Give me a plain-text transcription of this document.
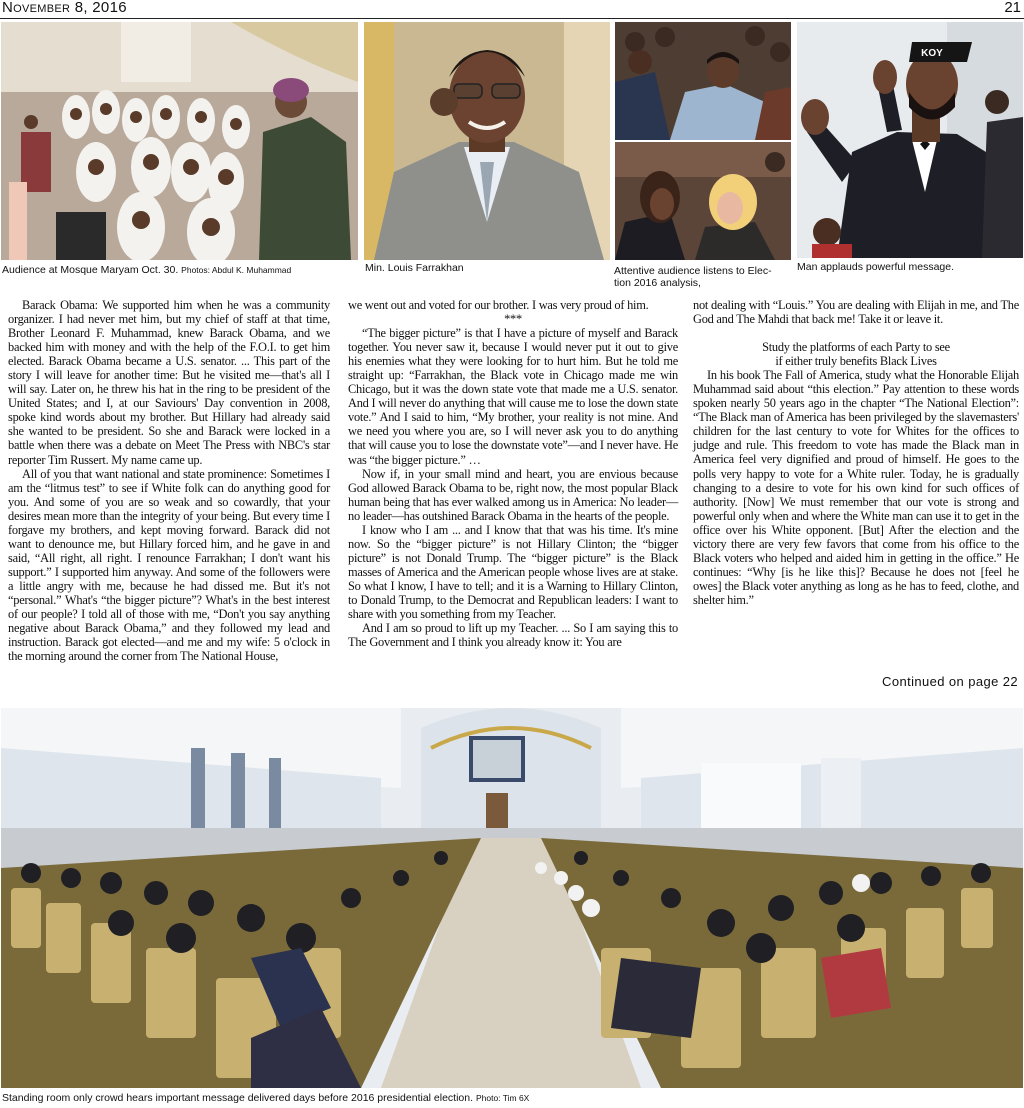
November 8, 2016	21
Audience at Mosque Maryam Oct. 30. Photos: Abdul K. Muhammad	Min. Louis Farrakhan	Attentive audience listens to Elec-
tion 2016 analysis,
KOY
Man applauds powerful message.

Barack Obama: We supported him when he was a community organizer. I had never met him, but my chief of staff at that time, Brother Leonard F. Muhammad, knew Barack Obama, and we backed him with money and with the help of the F.O.I. to get him elected. Barack Obama became a U.S. senator. ... This part of the story I will leave for another time: But he visited me—that's all I will say. Later on, he threw his hat in the ring to be president of the United States; and I, at our Saviours' Day convention in 2008, spoke kind words about my brother. But Hillary had already said she wanted to be president. So she and Barack were locked in a battle when there was a debate on Meet The Press with NBC's star reporter Tim Russert. My name came up.

All of you that want national and state prominence: Sometimes I am the “litmus test” to see if White folk can do anything good for you. And some of you are so weak and so cowardly, that your desires mean more than the integrity of your being. But every time I forgave my brothers, and kept moving forward. Barack did not want to denounce me, but Hillary forced him, and he gave in and said, “All right, all right. I renounce Farrakhan; I don't want his support.” I supported him anyway. And some of the followers were a little angry with me, because he had dissed me. But it's not “personal.” What's “the bigger picture”? What's in the best interest of our people? I told all of those with me, “Don't you say anything negative about Barack Obama,” and they followed my lead and instruction. Barack got elected—and me and my wife: 5 o'clock in the morning around the corner from The National House,

we went out and voted for our brother. I was very proud of him.

***

“The bigger picture” is that I have a picture of myself and Barack together. You never saw it, because I would never put it out to give his enemies what they were looking for to hurt him. But he told me straight up: “Farrakhan, the Black vote in Chicago made me win Chicago, but it was the down state vote that made me a U.S. senator. And I will never do anything that will cause me to lose the down state vote.” And I said to him, “My brother, your reality is not mine. And we need you where you are, so I will never ask you to do anything that will cause you to lose the downstate vote”—and I never have. He was “the bigger picture.” …

Now if, in your small mind and heart, you are envious because God allowed Barack Obama to be, right now, the most popular Black human being that has ever walked among us in America: No leader—no leader—has outshined Barack Obama in the hearts of the people.

I know who I am ... and I know that that was his time. It's mine now. So the “bigger picture” is not Hillary Clinton; the “bigger picture” is not Donald Trump. The “bigger picture” is the Black masses of America and the American people whose lives are at stake. So what I know, I have to tell; and it is a Warning to Hillary Clinton, to Donald Trump, to the Democrat and Republican leaders: I want to share with you something from my Teacher.

And I am so proud to lift up my Teacher. ... So I am saying this to The Government and I think you already know it: You are

not dealing with “Louis.” You are dealing with Elijah in me, and The God and The Mahdi that back me! Take it or leave it.

Study the platforms of each Party to see

if either truly benefits Black Lives

In his book The Fall of America, study what the Honorable Elijah Muhammad said about “this election.” Pay attention to these words spoken nearly 50 years ago in the chapter “The National Election”: “The Black man of America has been privileged by the slavemasters' children for the last century to vote for Whites for the offices to judge and rule. This freedom to vote has made the Black man in America feel very dignified and proud of himself. He goes to the polls very happy to vote for a White ruler. Today, he is gradually changing to a desire to vote for his own kind for such offices of authority. [Now] We must remember that our vote is strong and powerful only when and where the White man can use it to get in the office over his White opponent. [But] After the election and the victory there are very few favors that come from his office to the Black voters who helped and aided him in getting in the office.” He continues: “Why [is he like this]? Because he does not [feel he owes] the Black voter anything as long as he has to feed, clothe, and shelter him.”

Continued on page 22
Standing room only crowd hears important message delivered days before 2016 presidential election. Photo: Tim 6X
